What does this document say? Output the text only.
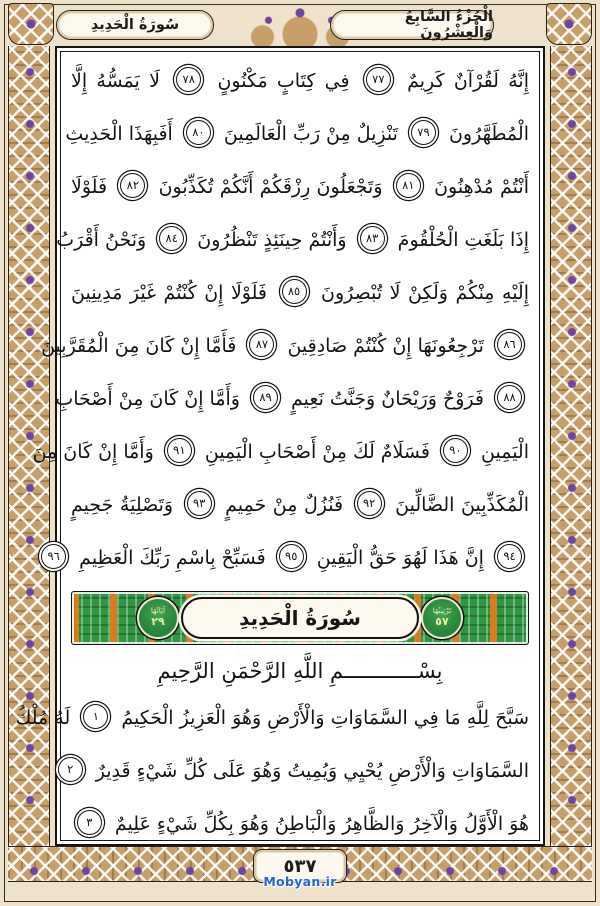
سُورَةُ الْحَدِيدِ	الْجُزْءُ السَّابِعُ وَالْعِشْرُونَ
إِنَّهُ لَقُرْآنٌ كَرِيمٌ ٧٧ فِي كِتَابٍ مَكْنُونٍ ٧٨ لَا يَمَسُّهُ إِلَّا
الْمُطَهَّرُونَ ٧٩ تَنْزِيلٌ مِنْ رَبِّ الْعَالَمِينَ ٨٠ أَفَبِهَذَا الْحَدِيثِ
أَنْتُمْ مُدْهِنُونَ ٨١ وَتَجْعَلُونَ رِزْقَكُمْ أَنَّكُمْ تُكَذِّبُونَ ٨٢ فَلَوْلَا
إِذَا بَلَغَتِ الْحُلْقُومَ ٨٣ وَأَنْتُمْ حِينَئِذٍ تَنْظُرُونَ ٨٤ وَنَحْنُ أَقْرَبُ
إِلَيْهِ مِنْكُمْ وَلَكِنْ لَا تُبْصِرُونَ ٨٥ فَلَوْلَا إِنْ كُنْتُمْ غَيْرَ مَدِينِينَ
٨٦ تَرْجِعُونَهَا إِنْ كُنْتُمْ صَادِقِينَ ٨٧ فَأَمَّا إِنْ كَانَ مِنَ الْمُقَرَّبِينَ
٨٨ فَرَوْحٌ وَرَيْحَانٌ وَجَنَّتُ نَعِيمٍ ٨٩ وَأَمَّا إِنْ كَانَ مِنْ أَصْحَابِ
الْيَمِينِ ٩٠ فَسَلَامٌ لَكَ مِنْ أَصْحَابِ الْيَمِينِ ٩١ وَأَمَّا إِنْ كَانَ مِنَ
الْمُكَذِّبِينَ الضَّالِّينَ ٩٢ فَنُزُلٌ مِنْ حَمِيمٍ ٩٣ وَتَصْلِيَةُ جَحِيمٍ
٩٤ إِنَّ هَذَا لَهُوَ حَقُّ الْيَقِينِ ٩٥ فَسَبِّحْ بِاسْمِ رَبِّكَ الْعَظِيمِ ٩٦
آيَاتُهَا
٢٩
تَرْتِيبُهَا
٥٧
سُورَةُ الْحَدِيدِ
بِسْــــــــــــمِ اللَّهِ الرَّحْمَنِ الرَّحِيمِ
سَبَّحَ لِلَّهِ مَا فِي السَّمَاوَاتِ وَالْأَرْضِ وَهُوَ الْعَزِيزُ الْحَكِيمُ ١ لَهُ مُلْكُ
السَّمَاوَاتِ وَالْأَرْضِ يُحْيِي وَيُمِيتُ وَهُوَ عَلَى كُلِّ شَيْءٍ قَدِيرٌ ٢
هُوَ الْأَوَّلُ وَالْآخِرُ وَالظَّاهِرُ وَالْبَاطِنُ وَهُوَ بِكُلِّ شَيْءٍ عَلِيمٌ ٣
٥٣٧
Mobyan.ir
